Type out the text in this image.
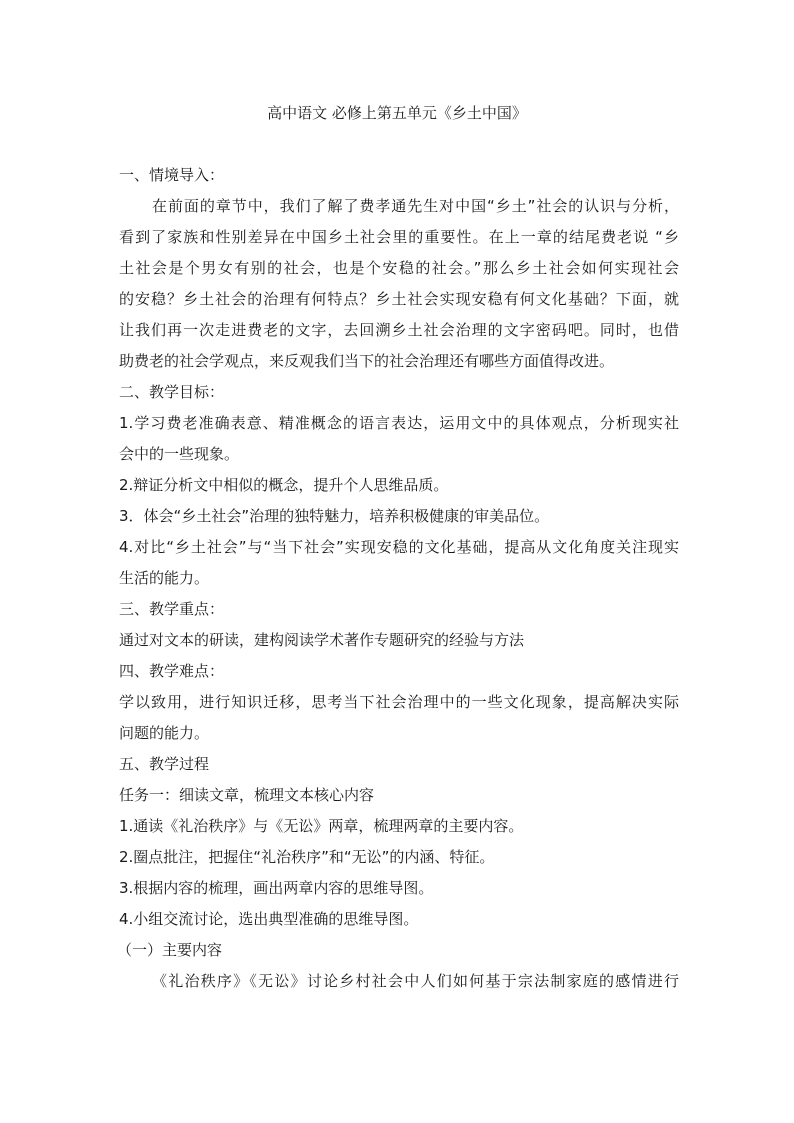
高中语文 必修上第五单元《乡土中国》

一、情境导入：

在前面的章节中，我们了解了费孝通先生对中国“乡土”社会的认识与分析，

看到了家族和性别差异在中国乡土社会里的重要性。在上一章的结尾费老说 “乡

土社会是个男女有别的社会，也是个安稳的社会。”那么乡土社会如何实现社会

的安稳？乡土社会的治理有何特点？乡土社会实现安稳有何文化基础？下面，就

让我们再一次走进费老的文字，去回溯乡土社会治理的文字密码吧。同时，也借

助费老的社会学观点，来反观我们当下的社会治理还有哪些方面值得改进。

二、教学目标：

1.学习费老准确表意、精准概念的语言表达，运用文中的具体观点，分析现实社

会中的一些现象。

2.辩证分析文中相似的概念，提升个人思维品质。

3．体会“乡土社会”治理的独特魅力，培养积极健康的审美品位。

4.对比“乡土社会”与“当下社会”实现安稳的文化基础，提高从文化角度关注现实

生活的能力。

三、教学重点：

通过对文本的研读，建构阅读学术著作专题研究的经验与方法

四、教学难点：

学以致用，进行知识迁移，思考当下社会治理中的一些文化现象，提高解决实际

问题的能力。

五、教学过程

任务一：细读文章，梳理文本核心内容

1.通读《礼治秩序》与《无讼》两章，梳理两章的主要内容。

2.圈点批注，把握住“礼治秩序”和“无讼”的内涵、特征。

3.根据内容的梳理，画出两章内容的思维导图。

4.小组交流讨论，选出典型准确的思维导图。

（一）主要内容

《礼治秩序》《无讼》讨论乡村社会中人们如何基于宗法制家庭的感情进行
